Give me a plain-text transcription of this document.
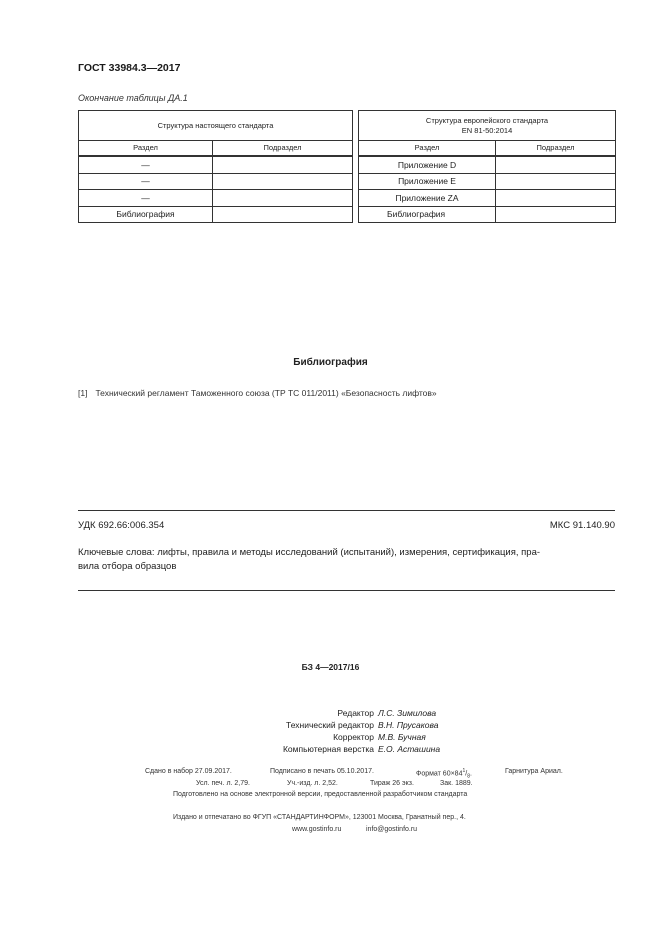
ГОСТ 33984.3—2017
Окончание таблицы ДА.1
Структура настоящего стандарта			Структура европейского стандарта
EN 81-50:2014	

Раздел	Подраздел		Раздел	Подраздел
—			Приложение D	
—			Приложение E	
—			Приложение ZA	
Библиография			Библиография	
Библиография
[1] Технический регламент Таможенного союза (ТР ТС 011/2011) «Безопасность лифтов»
УДК 692.66:006.354	МКС 91.140.90
Ключевые слова: лифты, правила и методы исследований (испытаний), измерения, сертификация, пра-
вила отбора образцов
БЗ 4—2017/16
Редактор Л.С. Зимилова
Технический редактор В.Н. Прусакова
Корректор М.В. Бучная
Компьютерная верстка Е.О. Асташина
Сдано в набор 27.09.2017.	Подписано в печать 05.10.2017.	Формат $60\times 84^1/_8$.	Гарнитура Ариал.
Усл. печ. л. 2,79.	Уч.-изд. л. 2,52.	Тираж 26 экз.	Зак. 1889.
Подготовлено на основе электронной версии, предоставленной разработчиком стандарта
Издано и отпечатано во ФГУП «СТАНДАРТИНФОРМ», 123001 Москва, Гранатный пер., 4.
www.gostinfo.ru	info@gostinfo.ru
